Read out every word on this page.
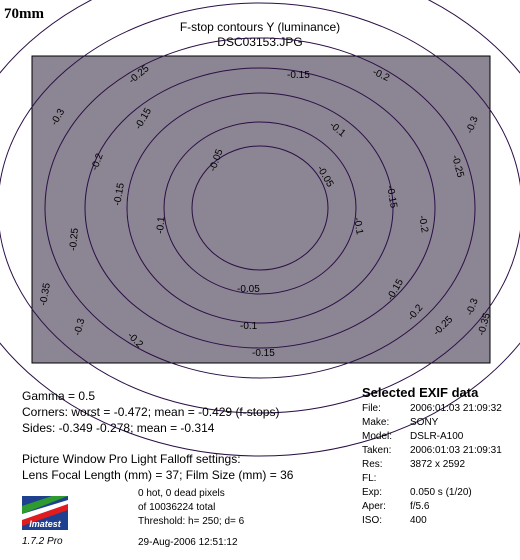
70mm
F-stop contours Y (luminance)
DSC03153.JPG
-0.05
-0.05
-0.05
-0.1
-0.1	-0.1
-0.1
-0.15
-0.15
-0.15	-0.15
-0.15
-0.15
-0.2
-0.2
-0.2
-0.2
-0.2
-0.25
-0.25
-0.25
-0.25
-0.3	-0.3
-0.3
-0.3
-0.35
-0.35
Gamma = 0.5
Corners: worst = -0.472; mean = -0.429 (f-stops)
Sides: -0.349 -0.278; mean = -0.314
Picture Window Pro Light Falloff settings:
Lens Focal Length (mm) = 37; Film Size (mm) = 36
Selected EXIF data
File:	2006:01:03 21:09:32
Make: SONY
Model: DSLR-A100
Taken: 2006:01:03 21:09:31
Res:	3872 x 2592
FL:
Exp:	0.050 s (1/20)
Aper: f/5.6
ISO:	400
0 hot, 0 dead pixels
of 10036224 total
Threshold: h= 250; d= 6
Imatest
1.7.2 Pro	29-Aug-2006 12:51:12
